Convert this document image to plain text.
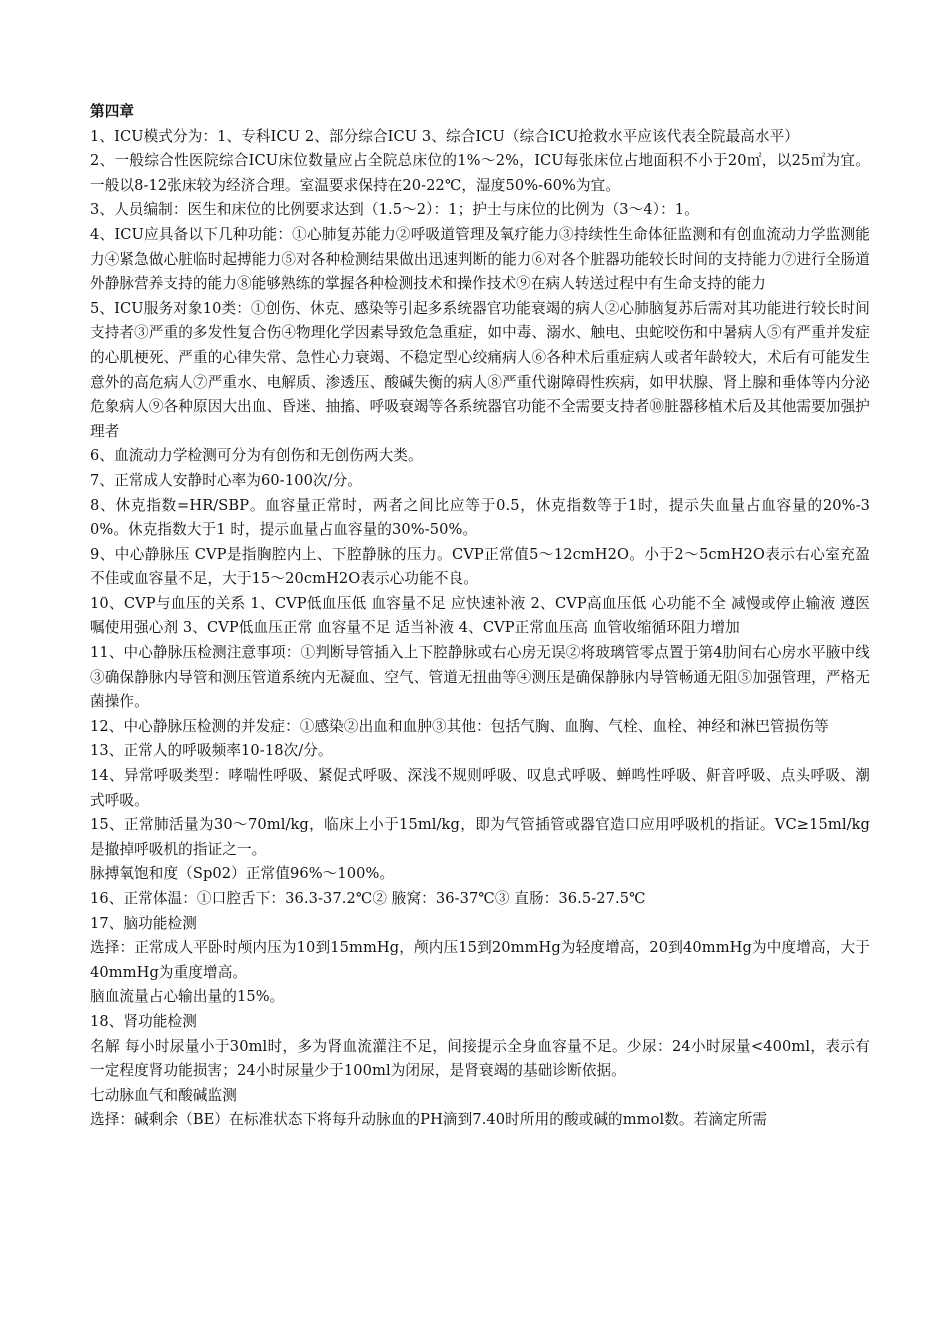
第四章

1、ICU模式分为：1、专科ICU 2、部分综合ICU 3、综合ICU（综合ICU抢救水平应该代表全院最高水平）

2、一般综合性医院综合ICU床位数量应占全院总床位的1%～2%，ICU每张床位占地面积不小于20㎡，以25㎡为宜。一般以8-12张床较为经济合理。室温要求保持在20-22℃，湿度50%-60%为宜。

3、人员编制：医生和床位的比例要求达到（1.5～2）：1；护士与床位的比例为（3～4）：1。

4、ICU应具备以下几种功能：①心肺复苏能力②呼吸道管理及氧疗能力③持续性生命体征监测和有创血流动力学监测能力④紧急做心脏临时起搏能力⑤对各种检测结果做出迅速判断的能力⑥对各个脏器功能较长时间的支持能力⑦进行全肠道外静脉营养支持的能力⑧能够熟练的掌握各种检测技术和操作技术⑨在病人转送过程中有生命支持的能力

5、ICU服务对象10类：①创伤、休克、感染等引起多系统器官功能衰竭的病人②心肺脑复苏后需对其功能进行较长时间支持者③严重的多发性复合伤④物理化学因素导致危急重症，如中毒、溺水、触电、虫蛇咬伤和中暑病人⑤有严重并发症的心肌梗死、严重的心律失常、急性心力衰竭、不稳定型心绞痛病人⑥各种术后重症病人或者年龄较大，术后有可能发生意外的高危病人⑦严重水、电解质、渗透压、酸碱失衡的病人⑧严重代谢障碍性疾病，如甲状腺、肾上腺和垂体等内分泌危象病人⑨各种原因大出血、昏迷、抽搐、呼吸衰竭等各系统器官功能不全需要支持者⑩脏器移植术后及其他需要加强护理者

6、血流动力学检测可分为有创伤和无创伤两大类。

7、正常成人安静时心率为60-100次/分。

8、休克指数=HR/SBP。血容量正常时，两者之间比应等于0.5，休克指数等于1时，提示失血量占血容量的20%-30%。休克指数大于1 时，提示血量占血容量的30%-50%。

9、中心静脉压 CVP是指胸腔内上、下腔静脉的压力。CVP正常值5～12cmH2O。小于2～5cmH2O表示右心室充盈不佳或血容量不足，大于15～20cmH2O表示心功能不良。

10、CVP与血压的关系 1、CVP低血压低 血容量不足 应快速补液 2、CVP高血压低 心功能不全 减慢或停止输液 遵医嘱使用强心剂 3、CVP低血压正常 血容量不足 适当补液 4、CVP正常血压高 血管收缩循环阻力增加

11、中心静脉压检测注意事项：①判断导管插入上下腔静脉或右心房无误②将玻璃管零点置于第4肋间右心房水平腋中线③确保静脉内导管和测压管道系统内无凝血、空气、管道无扭曲等④测压是确保静脉内导管畅通无阻⑤加强管理，严格无菌操作。

12、中心静脉压检测的并发症：①感染②出血和血肿③其他：包括气胸、血胸、气栓、血栓、神经和淋巴管损伤等

13、正常人的呼吸频率10-18次/分。

14、异常呼吸类型：哮喘性呼吸、紧促式呼吸、深浅不规则呼吸、叹息式呼吸、蝉鸣性呼吸、鼾音呼吸、点头呼吸、潮式呼吸。

15、正常肺活量为30～70ml/kg，临床上小于15ml/kg，即为气管插管或器官造口应用呼吸机的指证。VC≥15ml/kg是撤掉呼吸机的指证之一。

脉搏氧饱和度（Sp02）正常值96%～100%。

16、正常体温：①口腔舌下：36.3-37.2℃② 腋窝：36-37℃③ 直肠：36.5-27.5℃

17、脑功能检测

选择：正常成人平卧时颅内压为10到15mmHg，颅内压15到20mmHg为轻度增高，20到40mmHg为中度增高，大于40mmHg为重度增高。

脑血流量占心输出量的15%。

18、肾功能检测

名解 每小时尿量小于30ml时，多为肾血流灌注不足，间接提示全身血容量不足。少尿：24小时尿量<400ml，表示有一定程度肾功能损害；24小时尿量少于100ml为闭尿，是肾衰竭的基础诊断依据。

七动脉血气和酸碱监测

选择：碱剩余（BE）在标准状态下将每升动脉血的PH滴到7.40时所用的酸或碱的mmol数。若滴定所需
